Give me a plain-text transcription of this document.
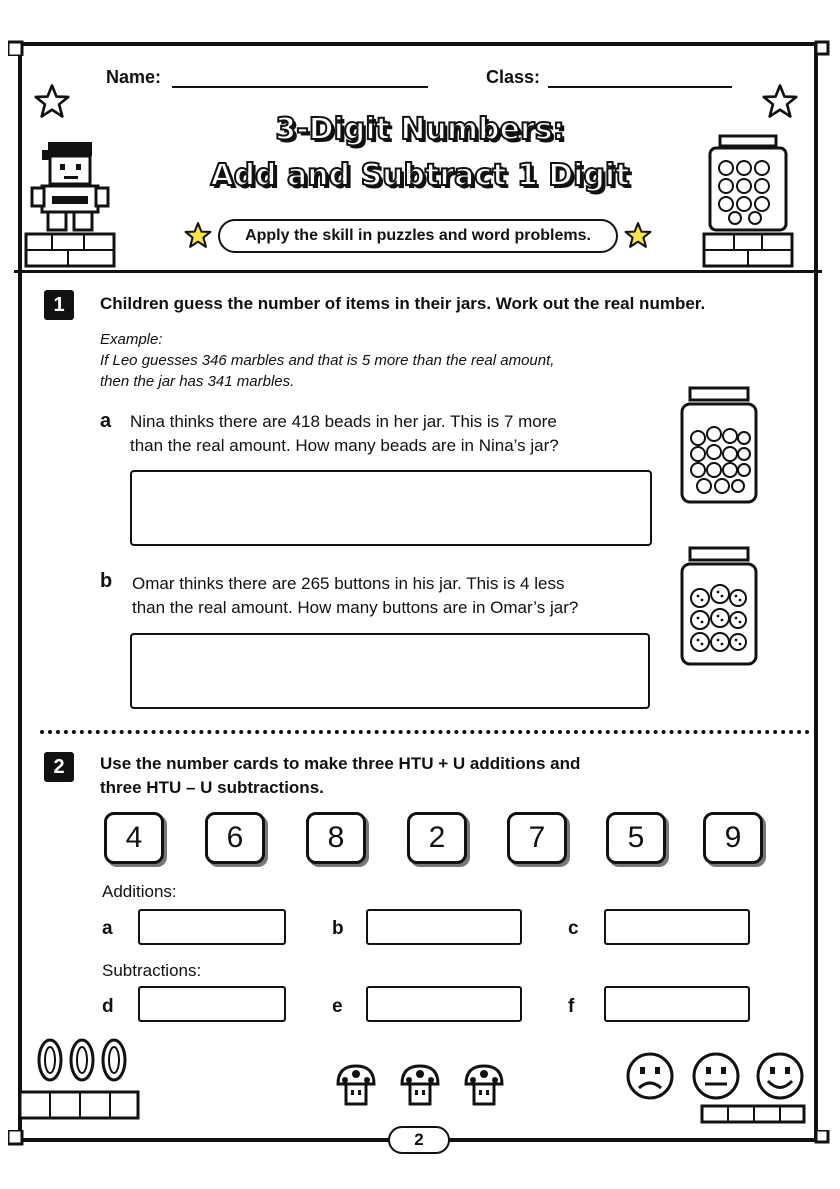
Name:	Class:
3-Digit Numbers:
Add and Subtract 1 Digit
Apply the skill in puzzles and word problems.
1	Children guess the number of items in their jars. Work out the real number.
Example:
If Leo guesses 346 marbles and that is 5 more than the real amount,
then the jar has 341 marbles.
a Nina thinks there are 418 beads in her jar. This is 7 more
than the real amount. How many beads are in Nina’s jar?
b Omar thinks there are 265 buttons in his jar. This is 4 less
than the real amount. How many buttons are in Omar’s jar?
2	Use the number cards to make three HTU + U additions and
three HTU – U subtractions.
4	6	8	2	7	5	9
Additions:
a	b	c
Subtractions:
d	e	f
2
